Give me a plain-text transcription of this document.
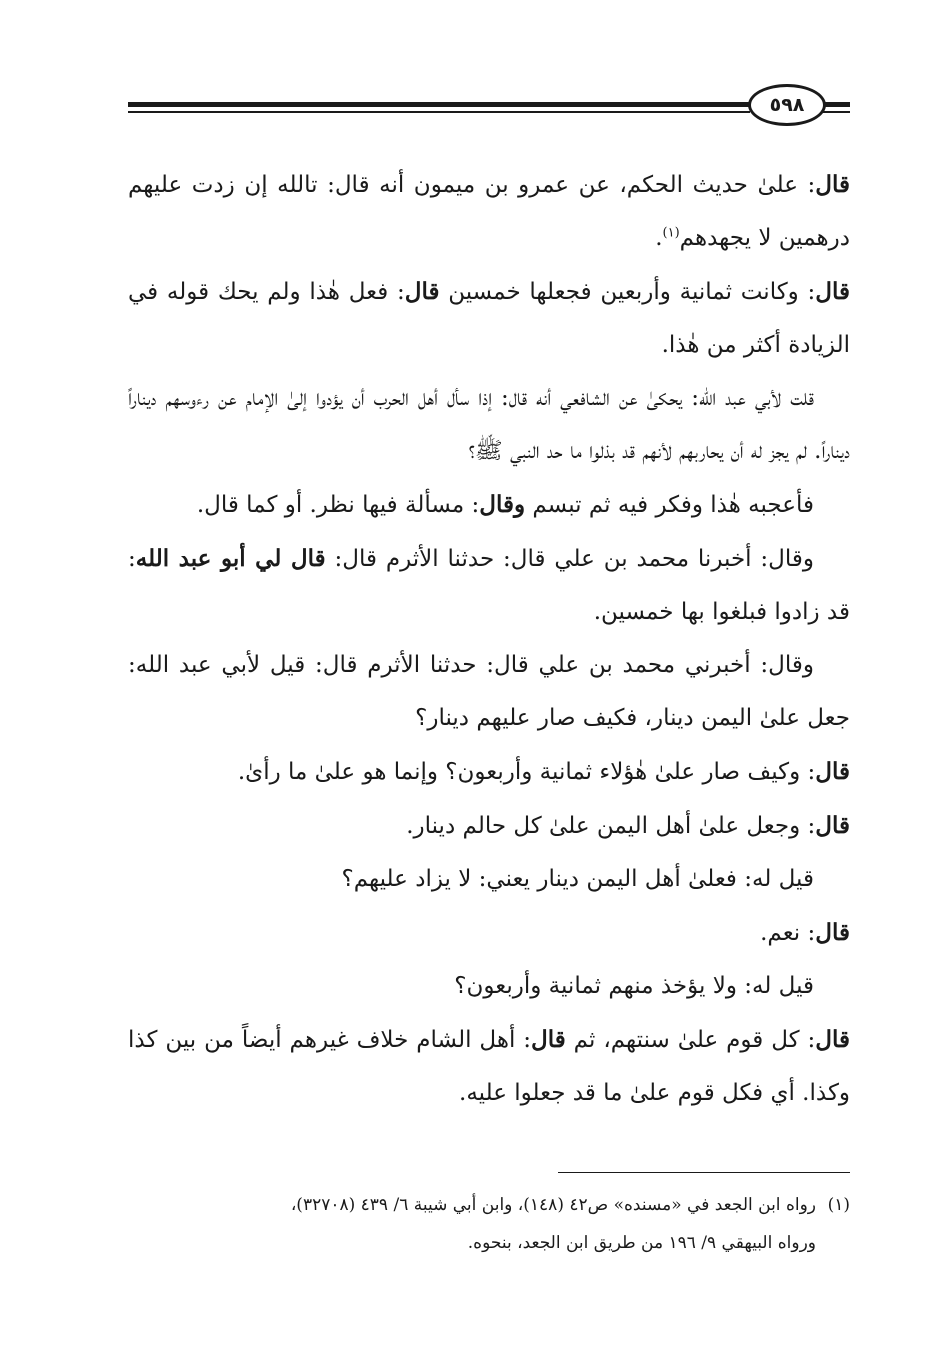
٥٩٨

قال: علىٰ حديث الحكم، عن عمرو بن ميمون أنه قال: تالله إن زدت عليهم درهمين لا يجهدهم$^{(١)}$.

قال: وكانت ثمانية وأربعين فجعلها خمسين قال: فعل هٰذا ولم يحك قوله في الزيادة أكثر من هٰذا.

قلت لأبي عبد الله: يحكىٰ عن الشافعي أنه قال: إذا سأل أهل الحرب أن يؤدوا إلىٰ الإمام عن رءوسهم ديناراً ديناراً. لم يجز له أن يحاربهم لأنهم قد بذلوا ما حد النبي ﷺ؟

فأعجبه هٰذا وفكر فيه ثم تبسم وقال: مسألة فيها نظر. أو كما قال.

وقال: أخبرنا محمد بن علي قال: حدثنا الأثرم قال: قال لي أبو عبد الله: قد زادوا فبلغوا بها خمسين.

وقال: أخبرني محمد بن علي قال: حدثنا الأثرم قال: قيل لأبي عبد الله: جعل علىٰ اليمن دينار، فكيف صار عليهم دينار؟

قال: وكيف صار علىٰ هٰؤلاء ثمانية وأربعون؟ وإنما هو علىٰ ما رأىٰ.

قال: وجعل علىٰ أهل اليمن علىٰ كل حالم دينار.

قيل له: فعلىٰ أهل اليمن دينار يعني: لا يزاد عليهم؟

قال: نعم.

قيل له: ولا يؤخذ منهم ثمانية وأربعون؟

قال: كل قوم علىٰ سنتهم، ثم قال: أهل الشام خلاف غيرهم أيضاً من بين كذا وكذا. أي فكل قوم علىٰ ما قد جعلوا عليه.

(١)رواه ابن الجعد في «مسنده» ص٤٢ (١٤٨)، وابن أبي شيبة ٦/ ٤٣٩ (٣٢٧٠٨)،

ورواه البيهقي ٩/ ١٩٦ من طريق ابن الجعد، بنحوه.
